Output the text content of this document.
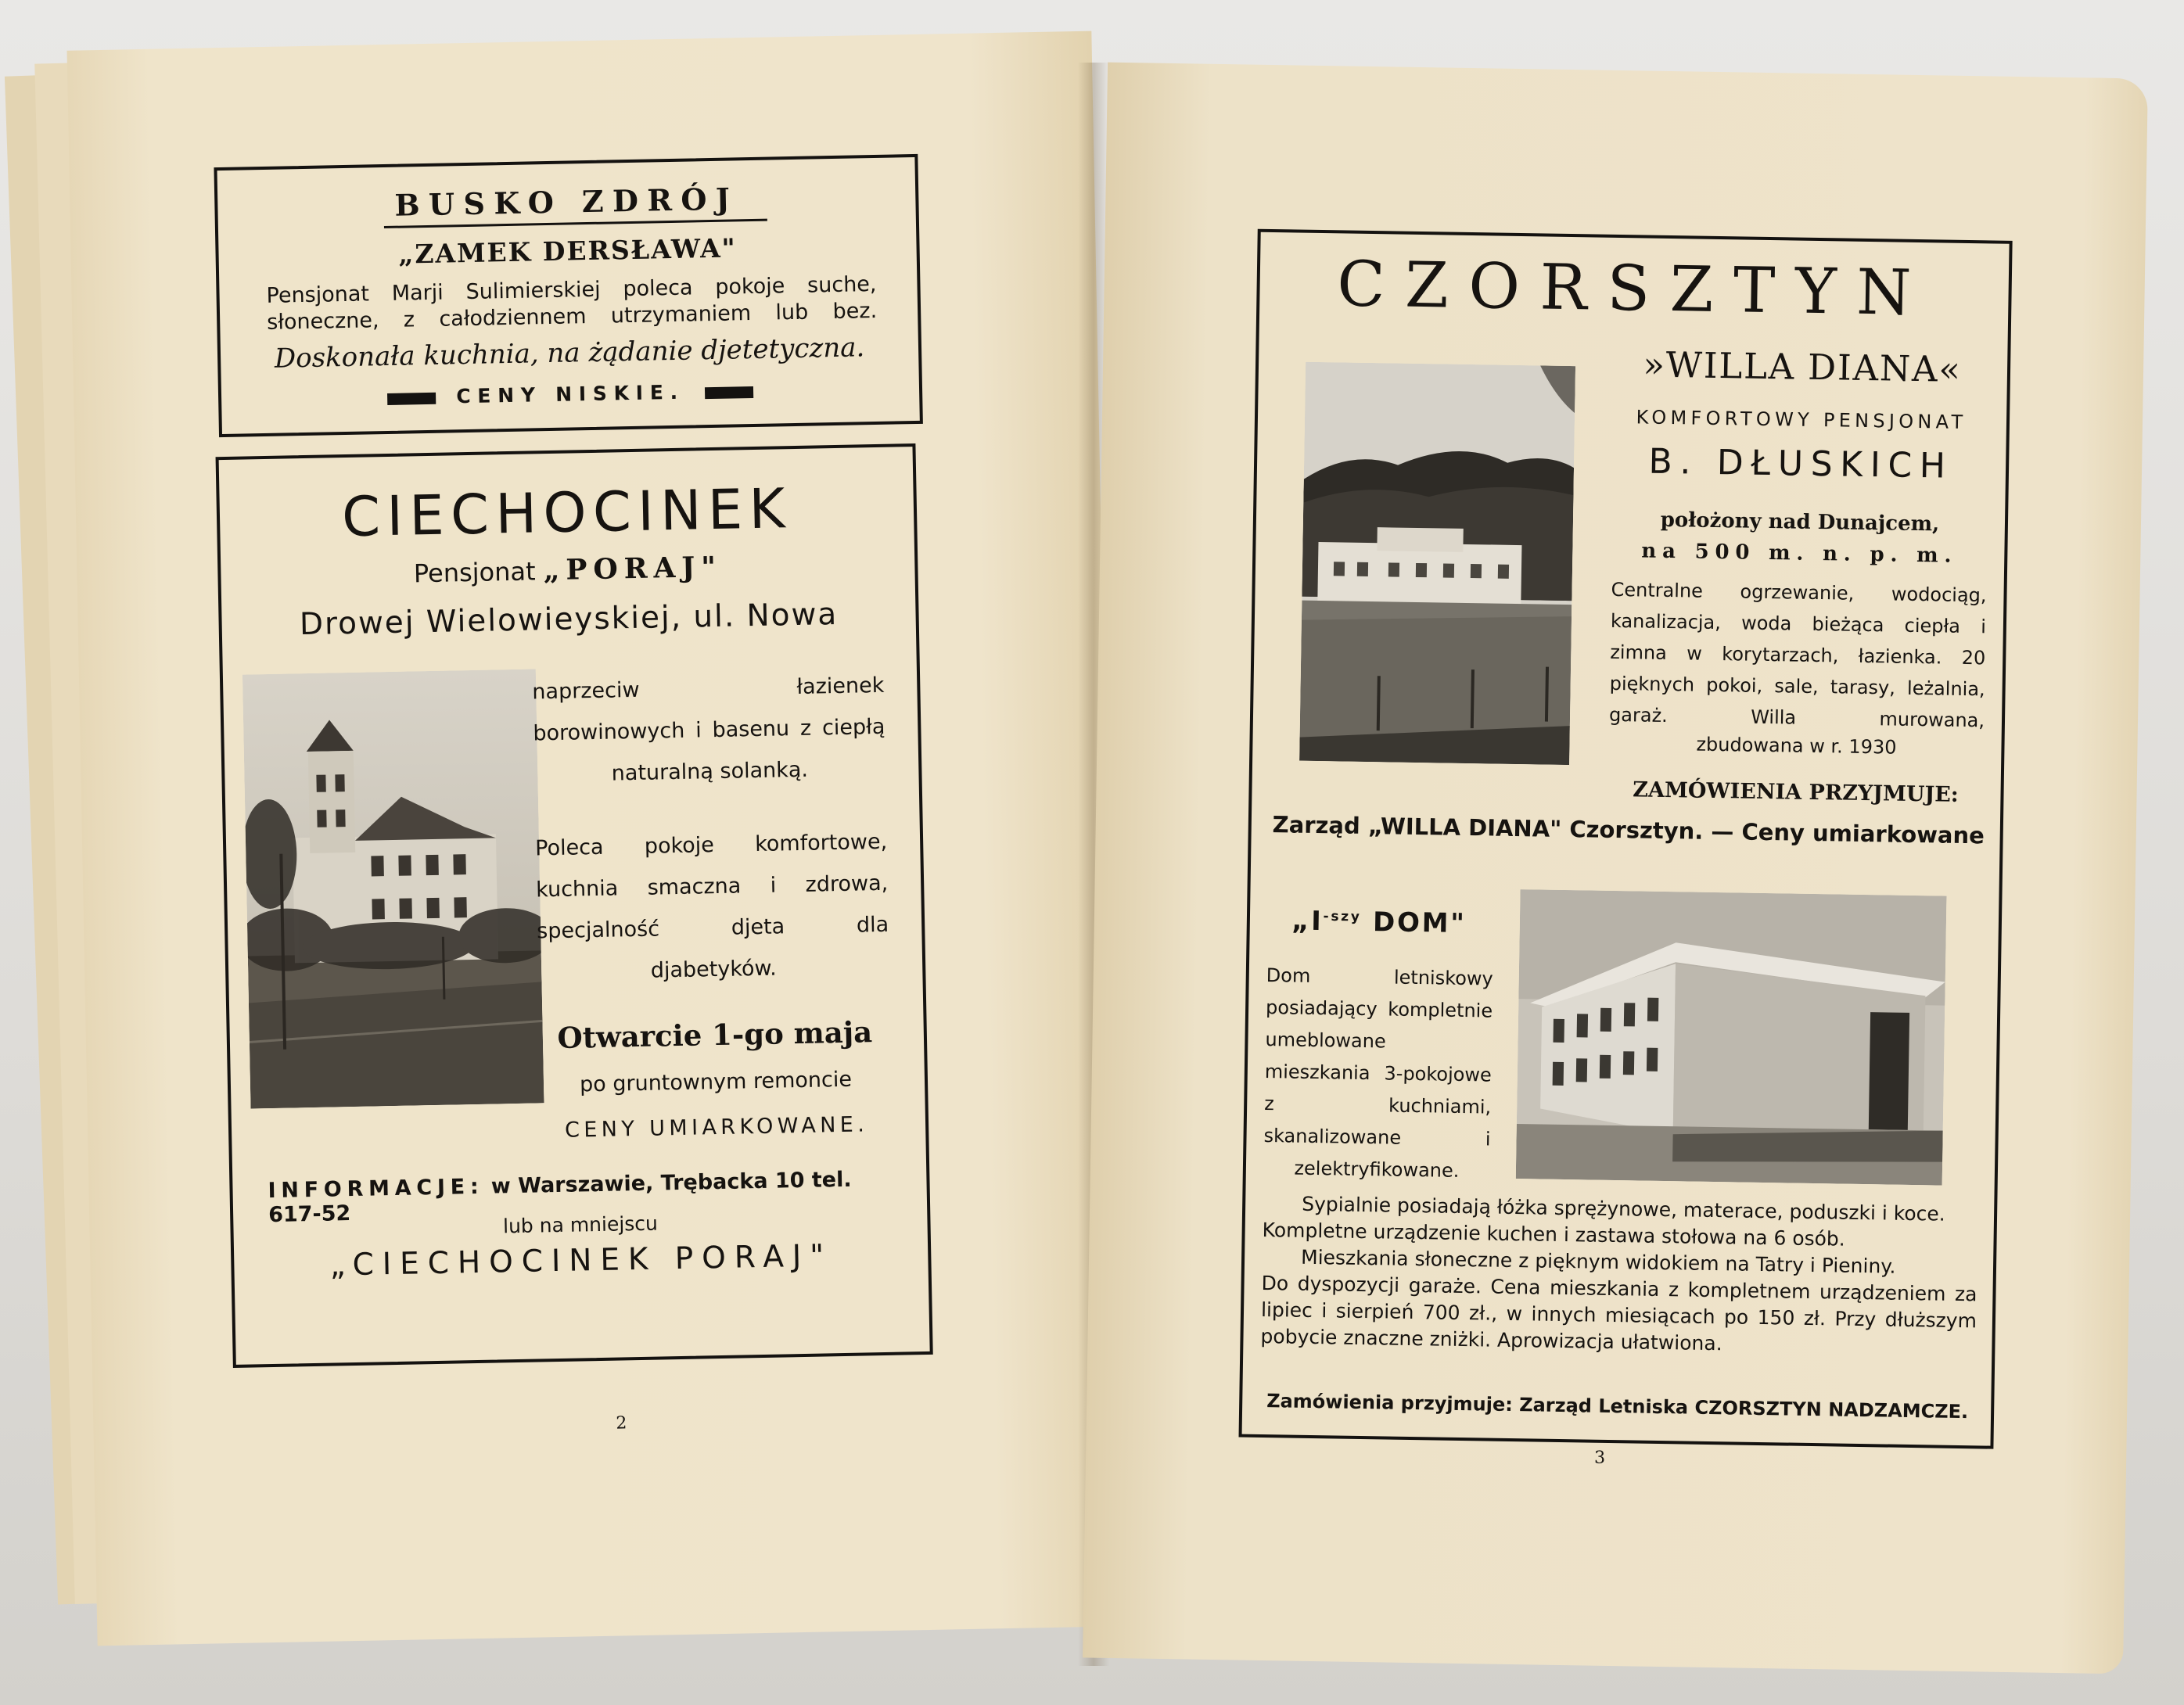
BUSKO ZDRÓJ
„ZAMEK DERSŁAWA"
Pensjonat Marji Sulimierskiej poleca pokoje suche, słoneczne, z całodziennem utrzymaniem lub bez.
Doskonała kuchnia, na żądanie djetetyczna.
CENY NISKIE.
CIECHOCINEK
Pensjonat „PORAJ"
Drowej Wielowieyskiej, ul. Nowa
naprzeciw łazienek borowinowych i basenu z ciepłą naturalną solanką.
Poleca pokoje komfortowe, kuchnia smaczna i zdrowa, specjalność djeta dla djabetyków.
Otwarcie 1-go maja
po gruntownym remoncie
CENY UMIARKOWANE.
INFORMACJE: w Warszawie, Trębacka 10 tel. 617-52	lub na mniejscu
„CIECHOCINEK PORAJ"
2
CZORSZTYN
»WILLA DIANA«
KOMFORTOWY PENSJONAT
B. DŁUSKICH
położony nad Dunajcem,
na 500 m. n. p. m.
Centralne ogrzewanie, wodociąg, kanalizacja, woda bieżąca ciepła i zimna w korytarzach, łazienka. 20 pięknych pokoi, sale, tarasy, leżalnia, garaż. Willa murowana,
zbudowana w r. 1930
ZAMÓWIENIA PRZYJMUJE:
Zarząd „WILLA DIANA" Czorsztyn. — Ceny umiarkowane
$„I^{-szy}$ DOM"
Dom letniskowy posiadający kompletnie umeblowane mieszkania 3-pokojowe z kuchniami, skanalizowane i zelektryfikowane.

Sypialnie posiadają łóżka sprężynowe, materace, poduszki i koce.

Kompletne urządzenie kuchen i zastawa stołowa na 6 osób.

Mieszkania słoneczne z pięknym widokiem na Tatry i Pieniny.

Do dyspozycji garaże. Cena mieszkania z kompletnem urządzeniem za lipiec i sierpień 700 zł., w innych miesiącach po 150 zł. Przy dłuższym pobycie znaczne zniżki. Aprowizacja ułatwiona.

Zamówienia przyjmuje: Zarząd Letniska CZORSZTYN NADZAMCZE.
3
